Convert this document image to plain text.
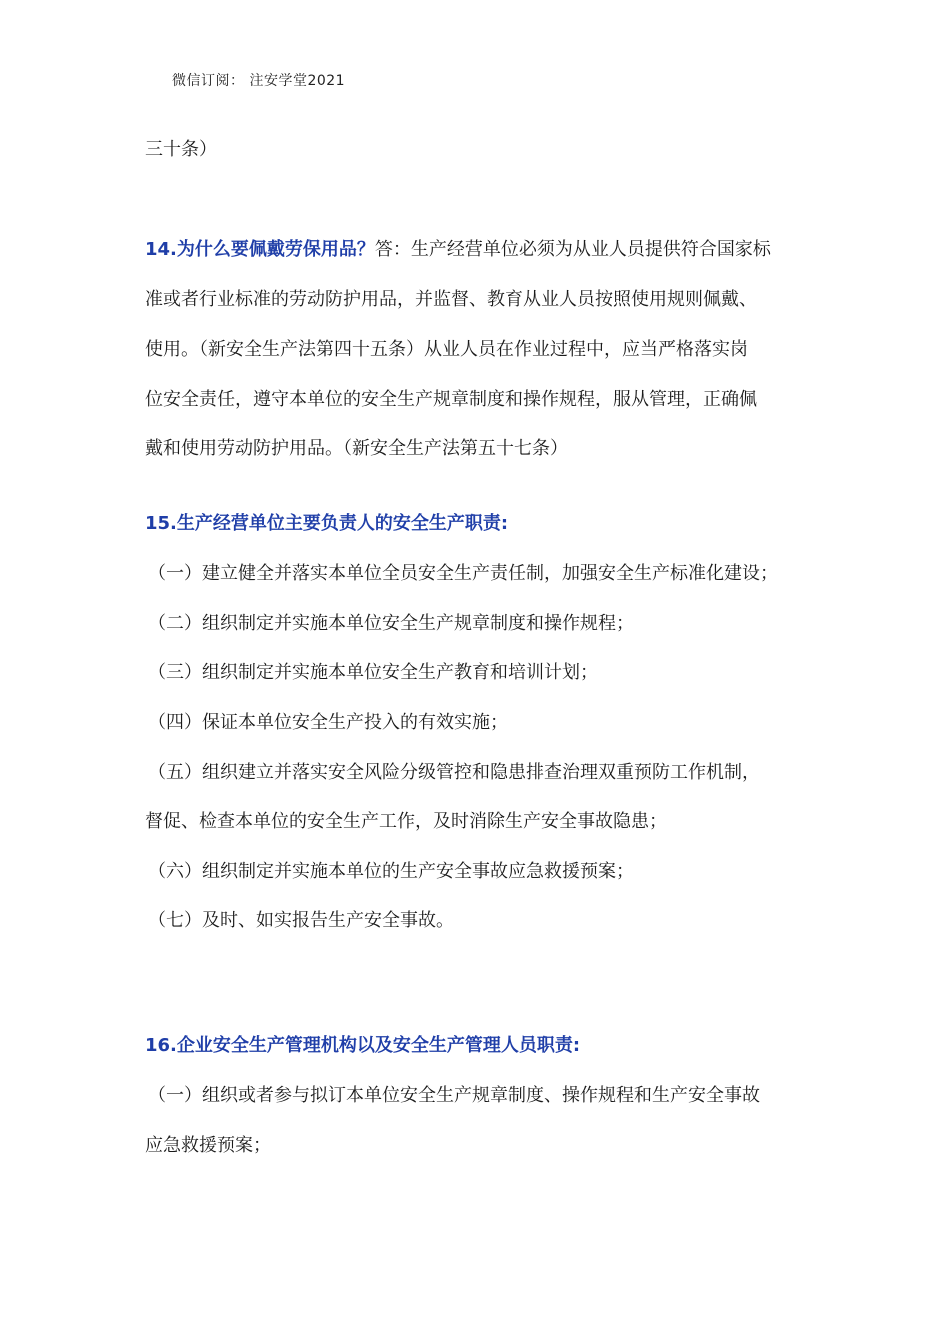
微信订阅： 注安学堂2021
三十条）
14.为什么要佩戴劳保用品？答：生产经营单位必须为从业人员提供符合国家标
准或者行业标准的劳动防护用品，并监督、教育从业人员按照使用规则佩戴、
使用。（新安全生产法第四十五条）从业人员在作业过程中，应当严格落实岗
位安全责任，遵守本单位的安全生产规章制度和操作规程，服从管理，正确佩
戴和使用劳动防护用品。（新安全生产法第五十七条）
15.生产经营单位主要负责人的安全生产职责:
（一）建立健全并落实本单位全员安全生产责任制，加强安全生产标准化建设；
（二）组织制定并实施本单位安全生产规章制度和操作规程；
（三）组织制定并实施本单位安全生产教育和培训计划；
（四）保证本单位安全生产投入的有效实施；
（五）组织建立并落实安全风险分级管控和隐患排查治理双重预防工作机制，
督促、检查本单位的安全生产工作，及时消除生产安全事故隐患；
（六）组织制定并实施本单位的生产安全事故应急救援预案；
（七）及时、如实报告生产安全事故。
16.企业安全生产管理机构以及安全生产管理人员职责:
（一）组织或者参与拟订本单位安全生产规章制度、操作规程和生产安全事故
应急救援预案；
